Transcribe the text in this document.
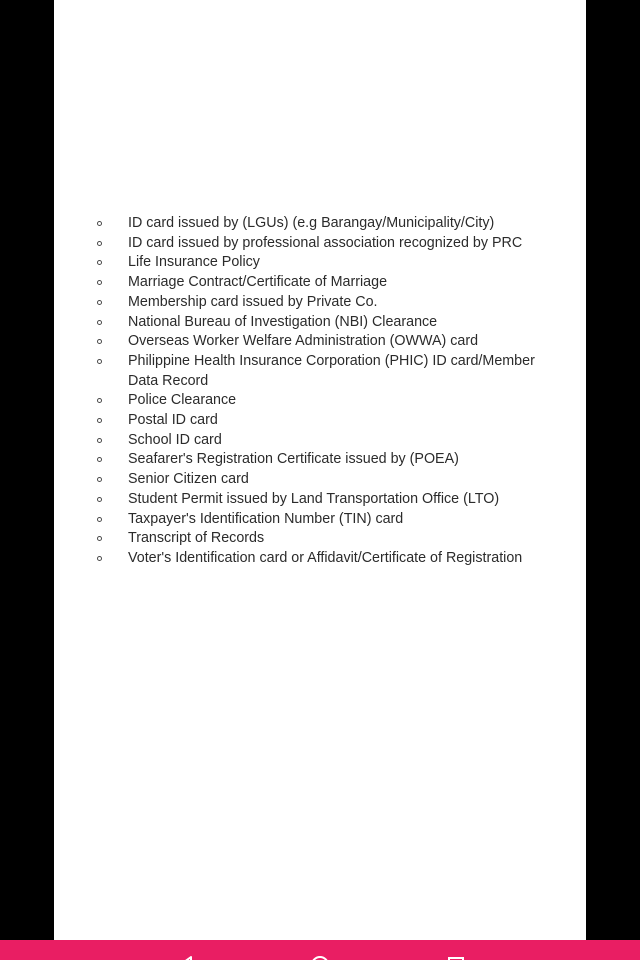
ID card issued by (LGUs) (e.g Barangay/Municipality/City)
ID card issued by professional association recognized by PRC
Life Insurance Policy
Marriage Contract/Certificate of Marriage
Membership card issued by Private Co.
National Bureau of Investigation (NBI) Clearance
Overseas Worker Welfare Administration (OWWA) card
Philippine Health Insurance Corporation (PHIC) ID card/Member Data Record
Police Clearance
Postal ID card
School ID card
Seafarer's Registration Certificate issued by (POEA)
Senior Citizen card
Student Permit issued by Land Transportation Office (LTO)
Taxpayer's Identification Number (TIN) card
Transcript of Records
Voter's Identification card or Affidavit/Certificate of Registration
